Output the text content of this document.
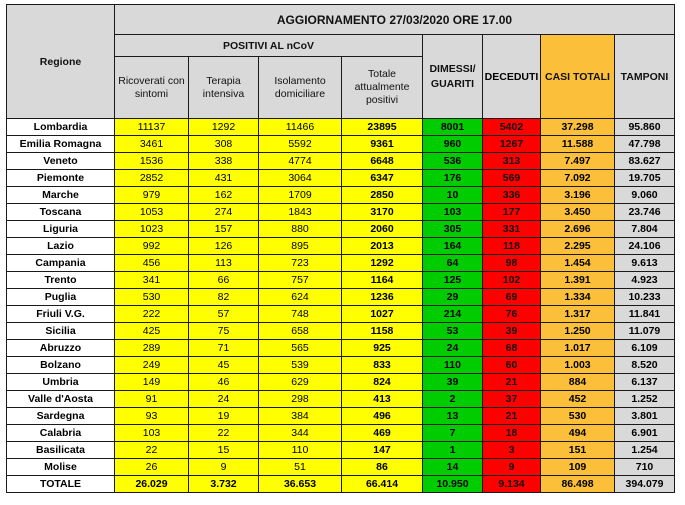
Regione	AGGIORNAMENTO 27/03/2020 ORE 17.00							
	POSITIVI AL nCoV				DIMESSI/ GUARITI	DECEDUTI	CASI TOTALI	TAMPONI
	Ricoverati con sintomi	Terapia intensiva	Isolamento domiciliare	Totale attualmente positivi				
Lombardia	11137	1292	11466	23895	8001	5402	37.298	95.860
Emilia Romagna	3461	308	5592	9361	960	1267	11.588	47.798
Veneto	1536	338	4774	6648	536	313	7.497	83.627
Piemonte	2852	431	3064	6347	176	569	7.092	19.705
Marche	979	162	1709	2850	10	336	3.196	9.060
Toscana	1053	274	1843	3170	103	177	3.450	23.746
Liguria	1023	157	880	2060	305	331	2.696	7.804
Lazio	992	126	895	2013	164	118	2.295	24.106
Campania	456	113	723	1292	64	98	1.454	9.613
Trento	341	66	757	1164	125	102	1.391	4.923
Puglia	530	82	624	1236	29	69	1.334	10.233
Friuli V.G.	222	57	748	1027	214	76	1.317	11.841
Sicilia	425	75	658	1158	53	39	1.250	11.079
Abruzzo	289	71	565	925	24	68	1.017	6.109
Bolzano	249	45	539	833	110	60	1.003	8.520
Umbria	149	46	629	824	39	21	884	6.137
Valle d'Aosta	91	24	298	413	2	37	452	1.252
Sardegna	93	19	384	496	13	21	530	3.801
Calabria	103	22	344	469	7	18	494	6.901
Basilicata	22	15	110	147	1	3	151	1.254
Molise	26	9	51	86	14	9	109	710
TOTALE	26.029	3.732	36.653	66.414	10.950	9.134	86.498	394.079
